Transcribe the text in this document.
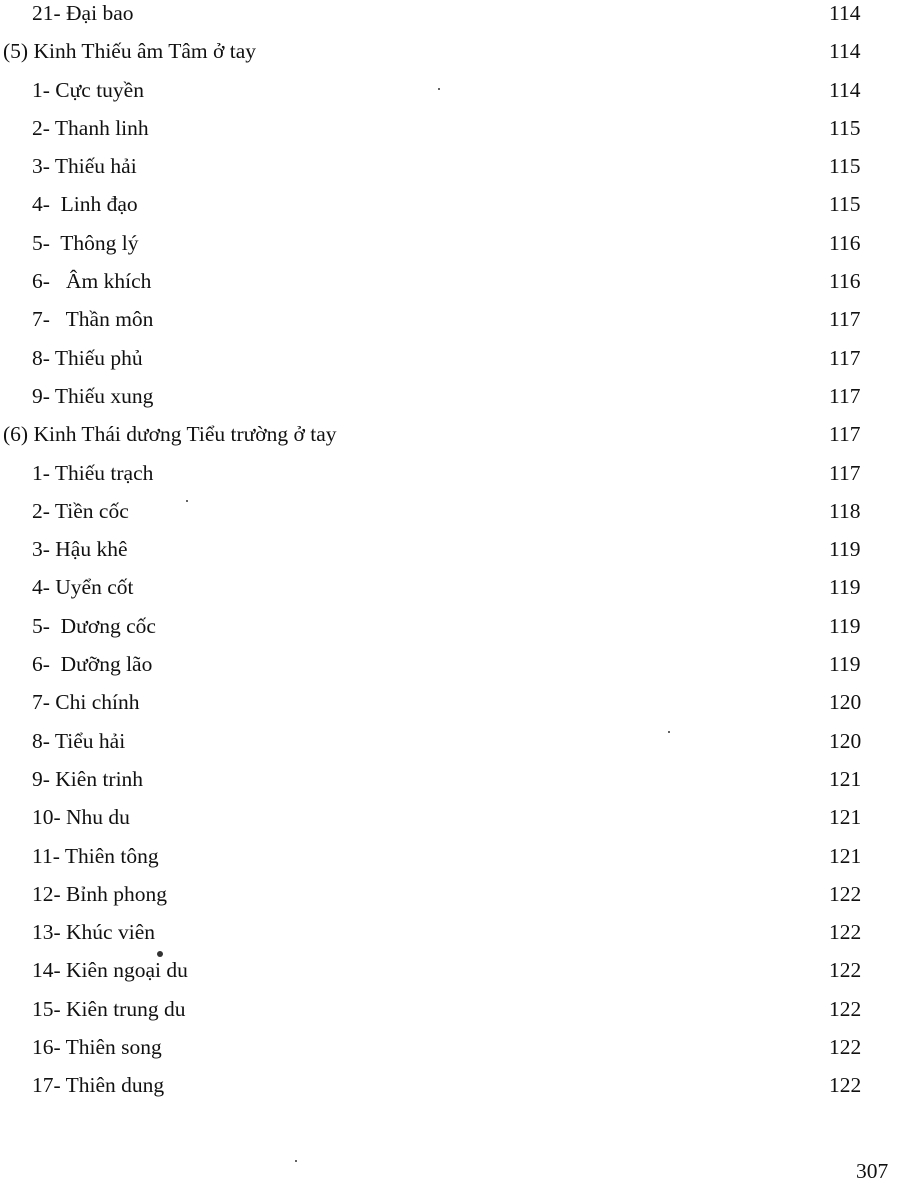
21- Đại bao	114
(5) Kinh Thiếu âm Tâm ở tay	114
1- Cực tuyền	114
2- Thanh linh	115
3- Thiếu hải	115
4-  Linh đạo	115
5-  Thông lý	116
6-   Âm khích	116
7-   Thần môn	117
8- Thiếu phủ	117
9- Thiếu xung	117
(6) Kinh Thái dương Tiểu trường ở tay	117
1- Thiếu trạch	117
2- Tiền cốc	118
3- Hậu khê	119
4- Uyển cốt	119
5-  Dương cốc	119
6-  Dưỡng lão	119
7- Chi chính	120
8- Tiểu hải	120
9- Kiên trinh	121
10- Nhu du	121
11- Thiên tông	121
12- Bỉnh phong	122
13- Khúc viên	122
14- Kiên ngoại du	122
15- Kiên trung du	122
16- Thiên song	122
17- Thiên dung	122
307
